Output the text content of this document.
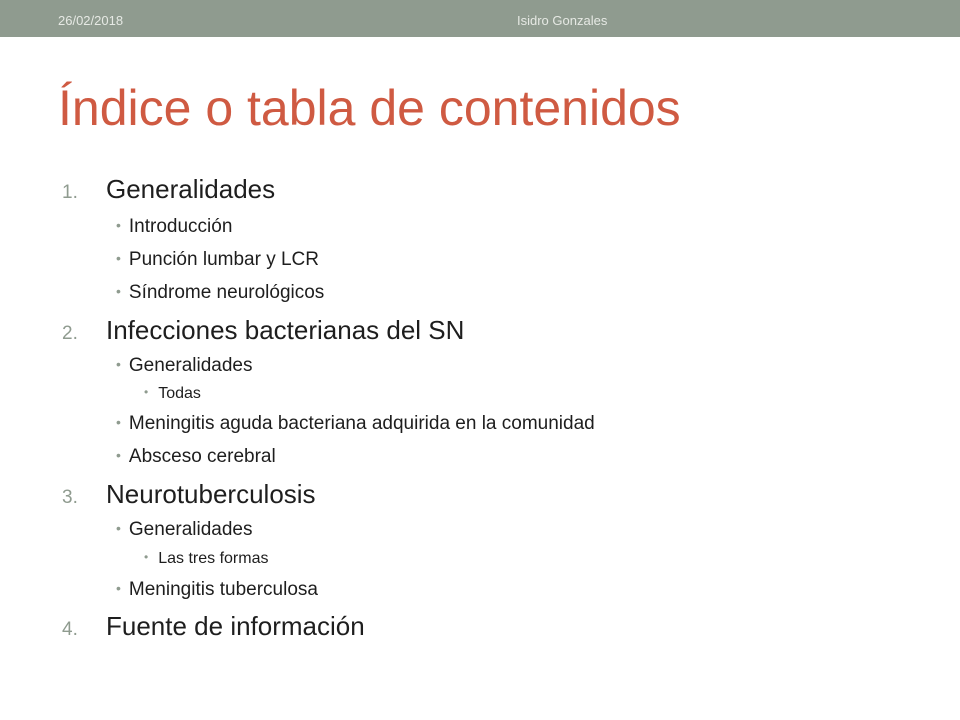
26/02/2018	Isidro Gonzales
Índice o tabla de contenidos
1. Generalidades
• Introducción
• Punción lumbar y LCR
• Síndrome neurológicos
2. Infecciones bacterianas del SN
• Generalidades
• Todas
• Meningitis aguda bacteriana adquirida en la comunidad
• Absceso cerebral
3. Neurotuberculosis
• Generalidades
• Las tres formas
• Meningitis tuberculosa
4. Fuente de información
